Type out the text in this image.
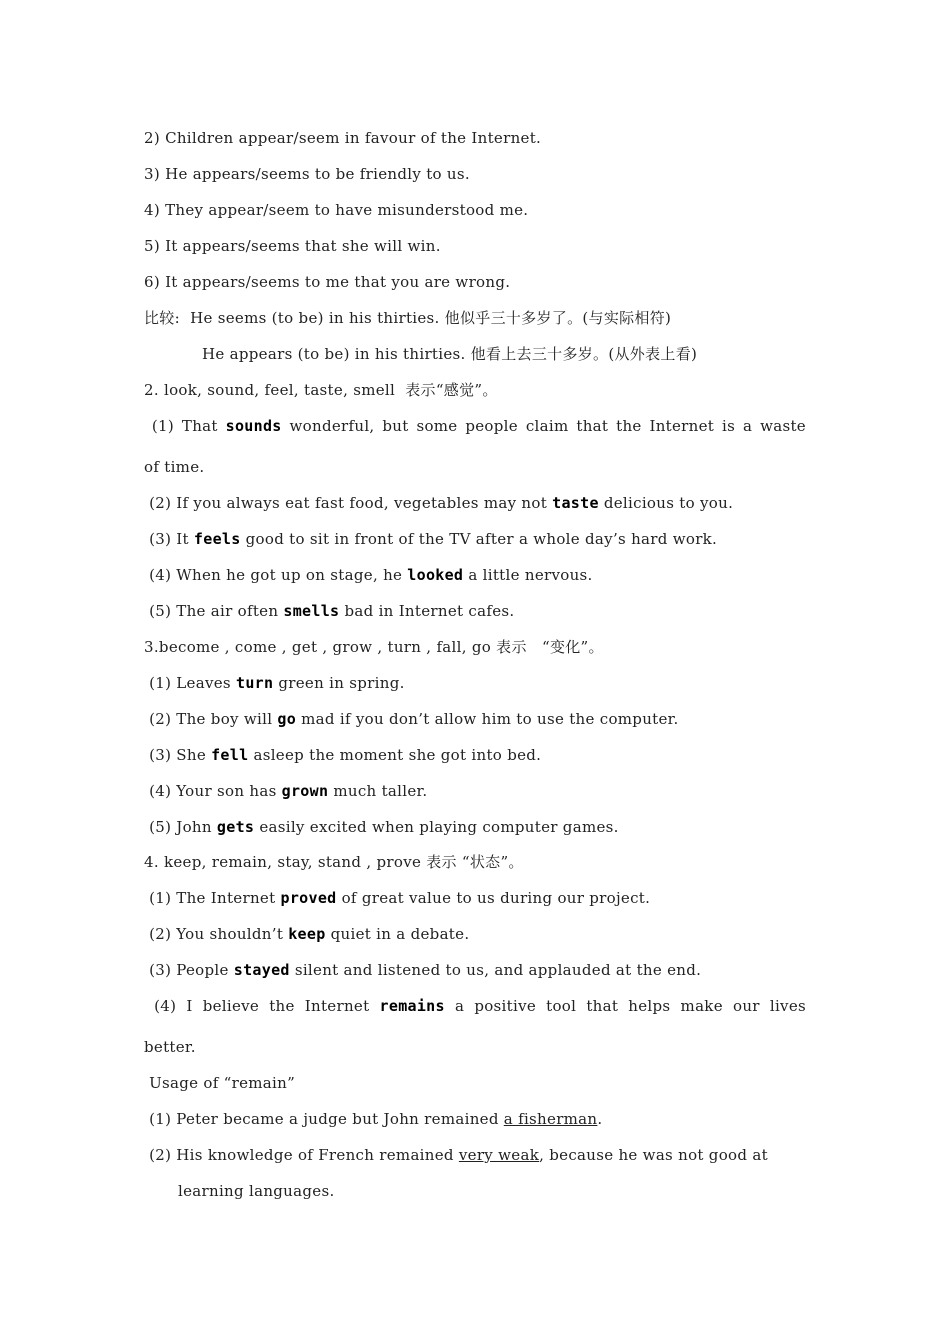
2) Children appear/seem in favour of the Internet.
3) He appears/seems to be friendly to us.
4) They appear/seem to have misunderstood me.
5) It appears/seems that she will win.
6) It appears/seems to me that you are wrong.
比较:  He seems (to be) in his thirties. 他似乎三十多岁了。(与实际相符)
He appears (to be) in his thirties. 他看上去三十多岁。(从外表上看)
2. look, sound, feel, taste, smell  表示“感觉”。
(1) That sounds wonderful, but some people claim that the Internet is a waste
of time.
(2) If you always eat fast food, vegetables may not taste delicious to you.
(3) It feels good to sit in front of the TV after a whole day’s hard work.
(4) When he got up on stage, he looked a little nervous.
(5) The air often smells bad in Internet cafes.
3.become , come , get , grow , turn , fall, go 表示   “变化”。
(1) Leaves turn green in spring.
(2) The boy will go mad if you don’t allow him to use the computer.
(3) She fell asleep the moment she got into bed.
(4) Your son has grown much taller.
(5) John gets easily excited when playing computer games.
4. keep, remain, stay, stand , prove 表示 “状态”。
(1) The Internet proved of great value to us during our project.
(2) You shouldn’t keep quiet in a debate.
(3) People stayed silent and listened to us, and applauded at the end.
(4) I believe the Internet remains a positive tool that helps make our lives
better.
Usage of “remain”
(1) Peter became a judge but John remained a fisherman.
(2) His knowledge of French remained very weak, because he was not good at
learning languages.
